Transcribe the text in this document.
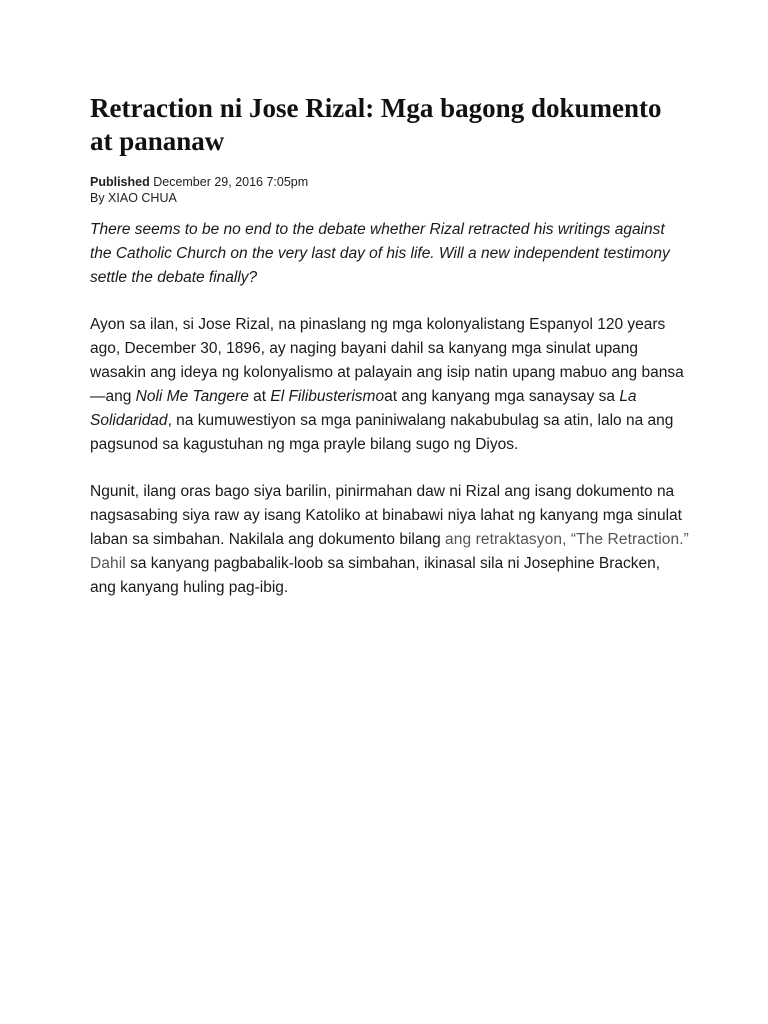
Retraction ni Jose Rizal: Mga bagong dokumento at pananaw
Published December 29, 2016 7:05pm
By XIAO CHUA

There seems to be no end to the debate whether Rizal retracted his writings against the Catholic Church on the very last day of his life. Will a new independent testimony settle the debate finally?

Ayon sa ilan, si Jose Rizal, na pinaslang ng mga kolonyalistang Espanyol 120 years ago, December 30, 1896, ay naging bayani dahil sa kanyang mga sinulat upang wasakin ang ideya ng kolonyalismo at palayain ang isip natin upang mabuo ang bansa—ang Noli Me Tangere at El Filibusterismoat ang kanyang mga sanaysay sa La Solidaridad, na kumuwestiyon sa mga paniniwalang nakabubulag sa atin, lalo na ang pagsunod sa kagustuhan ng mga prayle bilang sugo ng Diyos.

Ngunit, ilang oras bago siya barilin, pinirmahan daw ni Rizal ang isang dokumento na nagsasabing siya raw ay isang Katoliko at binabawi niya lahat ng kanyang mga sinulat laban sa simbahan. Nakilala ang dokumento bilang ang retraktasyon, “The Retraction.” Dahil sa kanyang pagbabalik-loob sa simbahan, ikinasal sila ni Josephine Bracken, ang kanyang huling pag-ibig.
